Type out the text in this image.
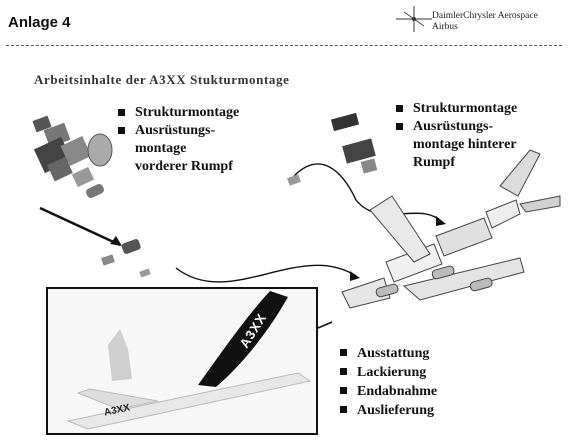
Anlage 4	DaimlerChrysler Aerospace
Airbus
Arbeitsinhalte der A3XX Stukturmontage
Strukturmontage
Ausrüstungs-
montage
vorderer Rumpf
Strukturmontage
Ausrüstungs-
montage hinterer
Rumpf
A3XX
A3XX
Ausstattung
Lackierung
Endabnahme
Auslieferung
